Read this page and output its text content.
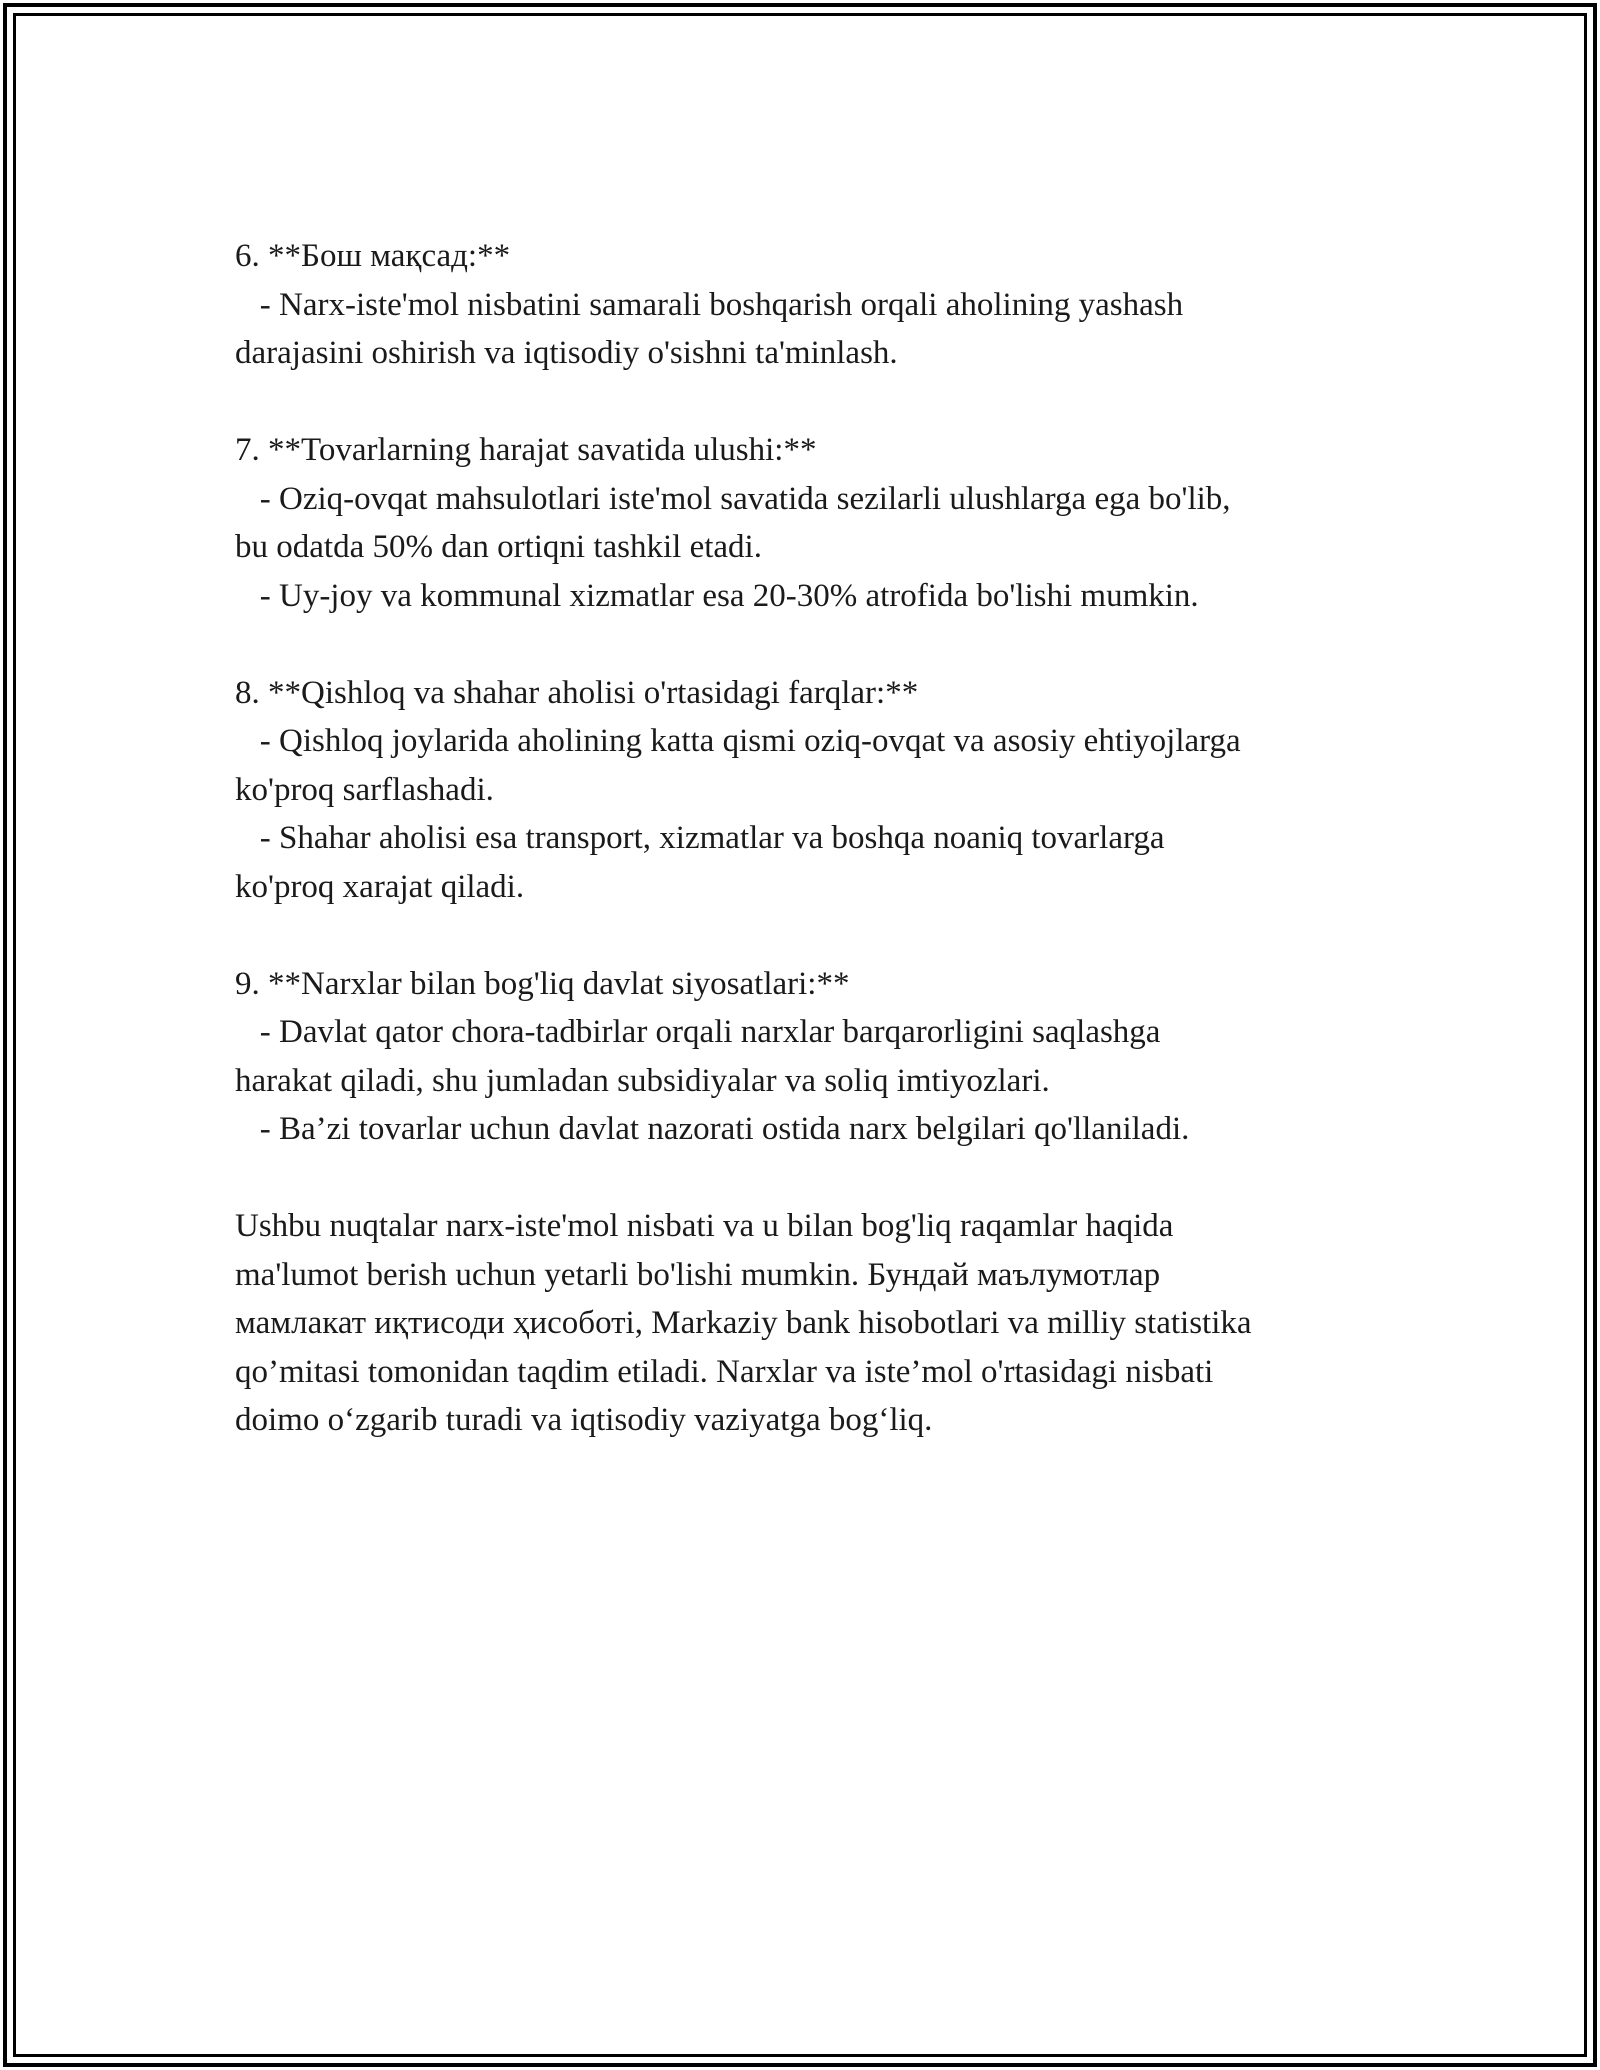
6. **Бош мақсад:**
- Narx-iste'mol nisbatini samarali boshqarish orqali aholining yashash
darajasini oshirish va iqtisodiy o'sishni ta'minlash.
7. **Tovarlarning harajat savatida ulushi:**
- Oziq-ovqat mahsulotlari iste'mol savatida sezilarli ulushlarga ega bo'lib,
bu odatda 50% dan ortiqni tashkil etadi.
- Uy-joy va kommunal xizmatlar esa 20-30% atrofida bo'lishi mumkin.
8. **Qishloq va shahar aholisi o'rtasidagi farqlar:**
- Qishloq joylarida aholining katta qismi oziq-ovqat va asosiy ehtiyojlarga
ko'proq sarflashadi.
- Shahar aholisi esa transport, xizmatlar va boshqa noaniq tovarlarga
ko'proq xarajat qiladi.
9. **Narxlar bilan bog'liq davlat siyosatlari:**
- Davlat qator chora-tadbirlar orqali narxlar barqarorligini saqlashga
harakat qiladi, shu jumladan subsidiyalar va soliq imtiyozlari.
- Ba’zi tovarlar uchun davlat nazorati ostida narx belgilari qo'llaniladi.
Ushbu nuqtalar narx-iste'mol nisbati va u bilan bog'liq raqamlar haqida
ma'lumot berish uchun yetarli bo'lishi mumkin. Бундай маълумотлар
мамлакат иқтисоди ҳисоботі, Markaziy bank hisobotlari va milliy statistika
qo’mitasi tomonidan taqdim etiladi. Narxlar va iste’mol o'rtasidagi nisbati
doimo o‘zgarib turadi va iqtisodiy vaziyatga bog‘liq.
